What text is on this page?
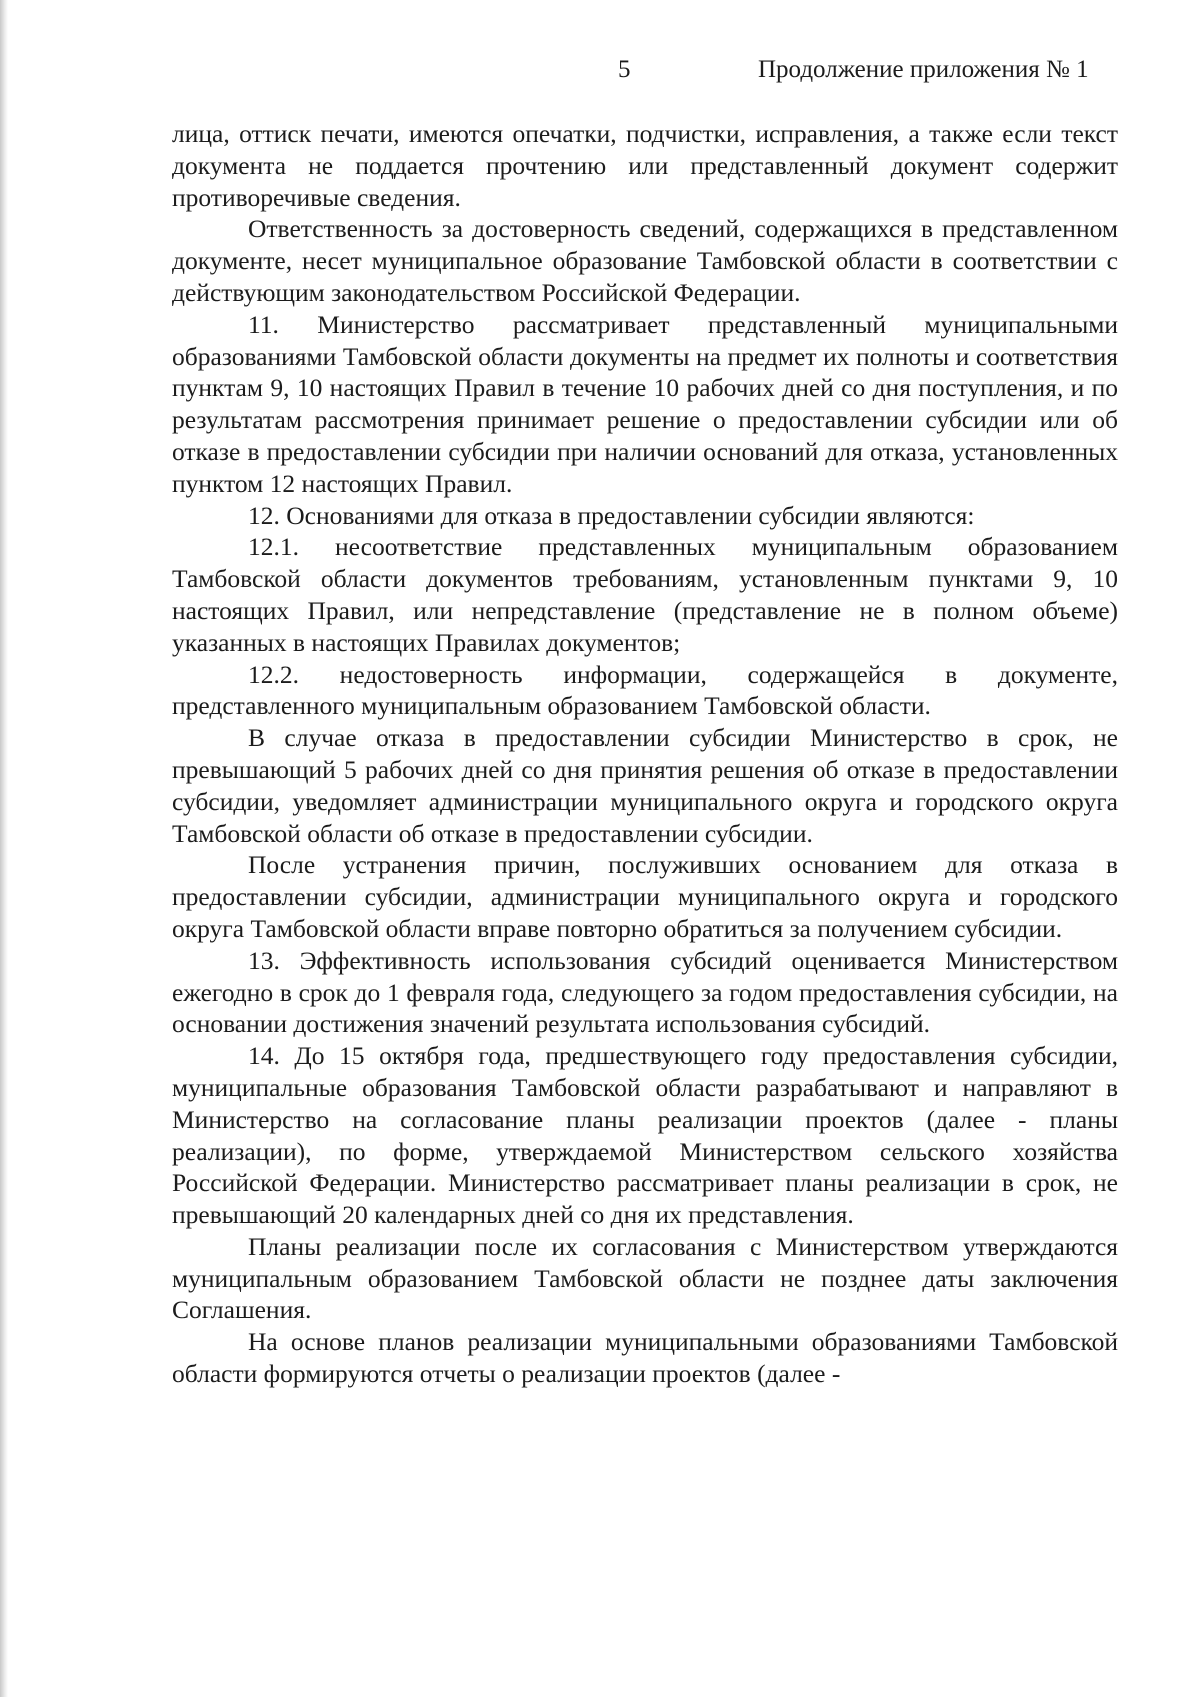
5	Продолжение приложения № 1

лица, оттиск печати, имеются опечатки, подчистки, исправления, а также если текст документа не поддается прочтению или представленный документ содержит противоречивые сведения.

Ответственность за достоверность сведений, содержащихся в представленном документе, несет муниципальное образование Тамбовской области в соответствии с действующим законодательством Российской Федерации.

11. Министерство рассматривает представленный муниципальными образованиями Тамбовской области документы на предмет их полноты и соответствия пунктам 9, 10 настоящих Правил в течение 10 рабочих дней со дня поступления, и по результатам рассмотрения принимает решение о предоставлении субсидии или об отказе в предоставлении субсидии при наличии оснований для отказа, установленных пунктом 12 настоящих Правил.

12. Основаниями для отказа в предоставлении субсидии являются:

12.1. несоответствие представленных муниципальным образованием Тамбовской области документов требованиям, установленным пунктами 9, 10 настоящих Правил, или непредставление (представление не в полном объеме) указанных в настоящих Правилах документов;

12.2. недостоверность информации, содержащейся в документе, представленного муниципальным образованием Тамбовской области.

В случае отказа в предоставлении субсидии Министерство в срок, не превышающий 5 рабочих дней со дня принятия решения об отказе в предоставлении субсидии, уведомляет администрации муниципального округа и городского округа Тамбовской области об отказе в предоставлении субсидии.

После устранения причин, послуживших основанием для отказа в предоставлении субсидии, администрации муниципального округа и городского округа Тамбовской области вправе повторно обратиться за получением субсидии.

13. Эффективность использования субсидий оценивается Министерством ежегодно в срок до 1 февраля года, следующего за годом предоставления субсидии, на основании достижения значений результата использования субсидий.

14. До 15 октября года, предшествующего году предоставления субсидии, муниципальные образования Тамбовской области разрабатывают и направляют в Министерство на согласование планы реализации проектов (далее - планы реализации), по форме, утверждаемой Министерством сельского хозяйства Российской Федерации. Министерство рассматривает планы реализации в срок, не превышающий 20 календарных дней со дня их представления.

Планы реализации после их согласования с Министерством утверждаются муниципальным образованием Тамбовской области не позднее даты заключения Соглашения.

На основе планов реализации муниципальными образованиями Тамбовской области формируются отчеты о реализации проектов (далее -
